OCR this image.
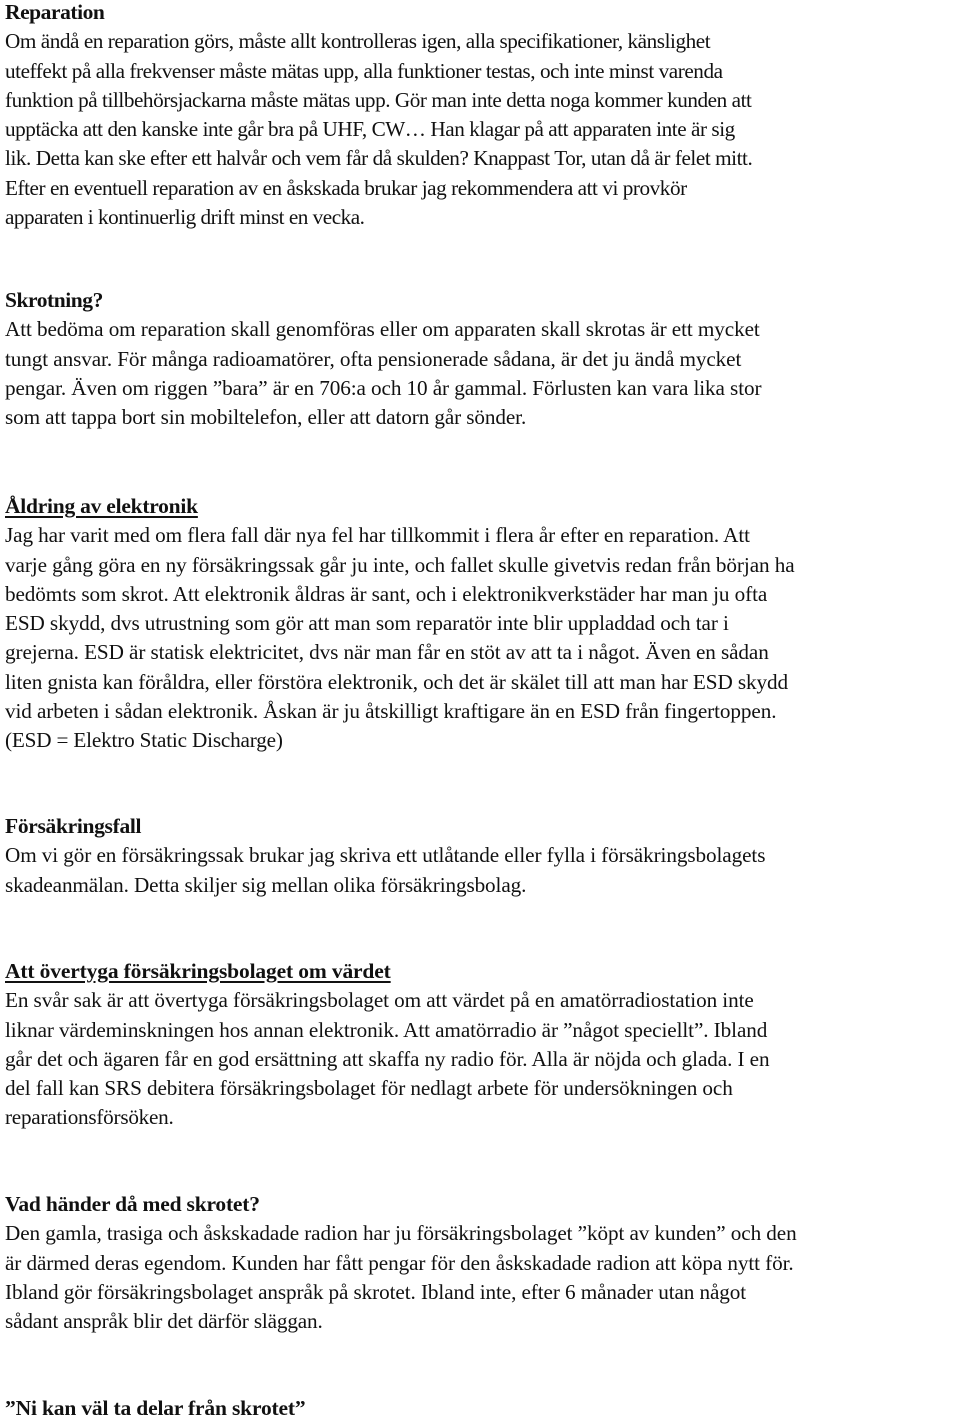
Reparation

Om ändå en reparation görs, måste allt kontrolleras igen, alla specifikationer, känslighet

uteffekt på alla frekvenser måste mätas upp, alla funktioner testas, och inte minst varenda

funktion på tillbehörsjackarna måste mätas upp. Gör man inte detta noga kommer kunden att

upptäcka att den kanske inte går bra på UHF, CW… Han klagar på att apparaten inte är sig

lik. Detta kan ske efter ett halvår och vem får då skulden? Knappast Tor, utan då är felet mitt.

Efter en eventuell reparation av en åskskada brukar jag rekommendera att vi provkör

apparaten i kontinuerlig drift minst en vecka.

Skrotning?

Att bedöma om reparation skall genomföras eller om apparaten skall skrotas är ett mycket

tungt ansvar. För många radioamatörer, ofta pensionerade sådana, är det ju ändå mycket

pengar. Även om riggen ”bara” är en 706:a och 10 år gammal. Förlusten kan vara lika stor

som att tappa bort sin mobiltelefon, eller att datorn går sönder.

Åldring av elektronik

Jag har varit med om flera fall där nya fel har tillkommit i flera år efter en reparation. Att

varje gång göra en ny försäkringssak går ju inte, och fallet skulle givetvis redan från början ha

bedömts som skrot. Att elektronik åldras är sant, och i elektronikverkstäder har man ju ofta

ESD skydd, dvs utrustning som gör att man som reparatör inte blir uppladdad och tar i

grejerna. ESD är statisk elektricitet, dvs när man får en stöt av att ta i något. Även en sådan

liten gnista kan föråldra, eller förstöra elektronik, och det är skälet till att man har ESD skydd

vid arbeten i sådan elektronik. Åskan är ju åtskilligt kraftigare än en ESD från fingertoppen.

(ESD = Elektro Static Discharge)

Försäkringsfall

Om vi gör en försäkringssak brukar jag skriva ett utlåtande eller fylla i försäkringsbolagets

skadeanmälan. Detta skiljer sig mellan olika försäkringsbolag.

Att övertyga försäkringsbolaget om värdet

En svår sak är att övertyga försäkringsbolaget om att värdet på en amatörradiostation inte

liknar värdeminskningen hos annan elektronik. Att amatörradio är ”något speciellt”. Ibland

går det och ägaren får en god ersättning att skaffa ny radio för. Alla är nöjda och glada. I en

del fall kan SRS debitera försäkringsbolaget för nedlagt arbete för undersökningen och

reparationsförsöken.

Vad händer då med skrotet?

Den gamla, trasiga och åskskadade radion har ju försäkringsbolaget ”köpt av kunden” och den

är därmed deras egendom. Kunden har fått pengar för den åskskadade radion att köpa nytt för.

Ibland gör försäkringsbolaget anspråk på skrotet. Ibland inte, efter 6 månader utan något

sådant anspråk blir det därför släggan.

”Ni kan väl ta delar från skrotet”
